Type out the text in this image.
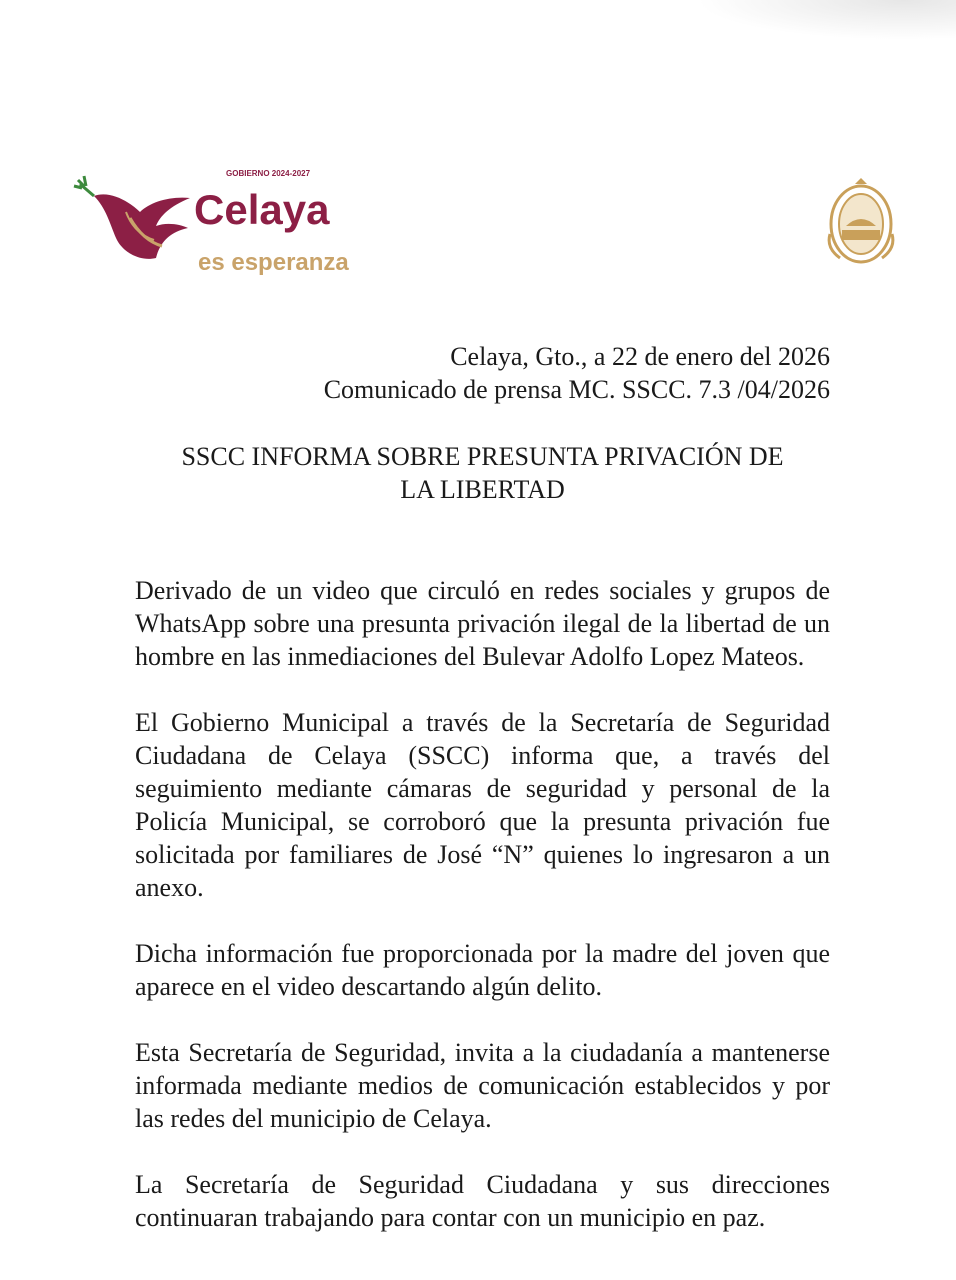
GOBIERNO 2024-2027
Celaya
es esperanza
Celaya, Gto., a 22 de enero del 2026
Comunicado de prensa MC. SSCC. 7.3 /04/2026
SSCC INFORMA SOBRE PRESUNTA PRIVACIÓN DE
LA LIBERTAD

Derivado de un video que circuló en redes sociales y grupos de WhatsApp sobre una presunta privación ilegal de la libertad de un hombre en las inmediaciones del Bulevar Adolfo Lopez Mateos.

El Gobierno Municipal a través de la Secretaría de Seguridad Ciudadana de Celaya (SSCC) informa que, a través del seguimiento mediante cámaras de seguridad y personal de la Policía Municipal, se corroboró que la presunta privación fue solicitada por familiares de José “N” quienes lo ingresaron a un anexo.

Dicha información fue proporcionada por la madre del joven que aparece en el video descartando algún delito.

Esta Secretaría de Seguridad, invita a la ciudadanía a mantenerse informada mediante medios de comunicación establecidos y por las redes del municipio de Celaya.

La Secretaría de Seguridad Ciudadana y sus direcciones continuaran trabajando para contar con un municipio en paz.
